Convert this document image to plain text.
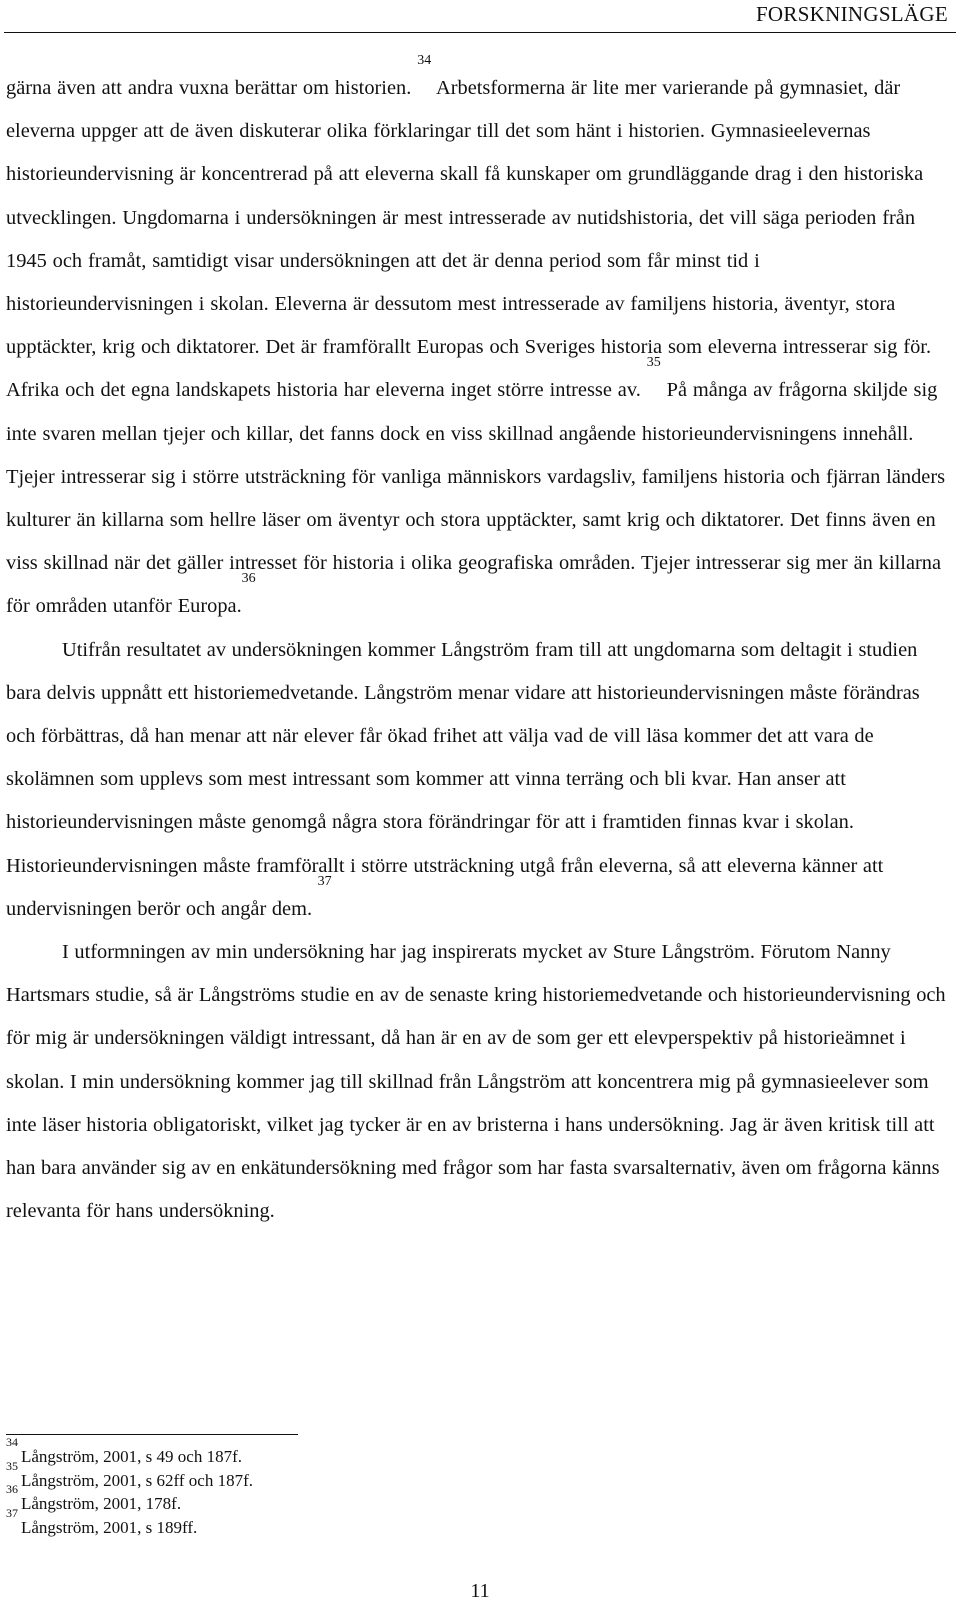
FORSKNINGSLÄGE

gärna även att andra vuxna berättar om historien. $^{34}$ Arbetsformerna är lite mer varierande på gymnasiet, där eleverna uppger att de även diskuterar olika förklaringar till det som hänt i historien. Gymnasieelevernas historieundervisning är koncentrerad på att eleverna skall få kunskaper om grundläggande drag i den historiska utvecklingen. Ungdomarna i undersökningen är mest intresserade av nutidshistoria, det vill säga perioden från 1945 och framåt, samtidigt visar undersökningen att det är denna period som får minst tid i historieundervisningen i skolan. Eleverna är dessutom mest intresserade av familjens historia, äventyr, stora upptäckter, krig och diktatorer. Det är framförallt Europas och Sveriges historia som eleverna intresserar sig för. Afrika och det egna landskapets historia har eleverna inget större intresse av. $^{35}$ På många av frågorna skiljde sig inte svaren mellan tjejer och killar, det fanns dock en viss skillnad angående historieundervisningens innehåll. Tjejer intresserar sig i större utsträckning för vanliga människors vardagsliv, familjens historia och fjärran länders kulturer än killarna som hellre läser om äventyr och stora upptäckter, samt krig och diktatorer. Det finns även en viss skillnad när det gäller intresset för historia i olika geografiska områden. Tjejer intresserar sig mer än killarna för områden utanför Europa.$^{36}$

Utifrån resultatet av undersökningen kommer Långström fram till att ungdomarna som deltagit i studien bara delvis uppnått ett historiemedvetande. Långström menar vidare att historieundervisningen måste förändras och förbättras, då han menar att när elever får ökad frihet att välja vad de vill läsa kommer det att vara de skolämnen som upplevs som mest intressant som kommer att vinna terräng och bli kvar. Han anser att historieundervisningen måste genomgå några stora förändringar för att i framtiden finnas kvar i skolan. Historieundervisningen måste framförallt i större utsträckning utgå från eleverna, så att eleverna känner att undervisningen berör och angår dem. $^{37}$

I utformningen av min undersökning har jag inspirerats mycket av Sture Långström. Förutom Nanny Hartsmars studie, så är Långströms studie en av de senaste kring historiemedvetande och historieundervisning och för mig är undersökningen väldigt intressant, då han är en av de som ger ett elevperspektiv på historieämnet i skolan. I min undersökning kommer jag till skillnad från Långström att koncentrera mig på gymnasieelever som inte läser historia obligatoriskt, vilket jag tycker är en av bristerna i hans undersökning. Jag är även kritisk till att han bara använder sig av en enkätundersökning med frågor som har fasta svarsalternativ, även om frågorna känns relevanta för hans undersökning.

$^{34}$Långström, 2001, s 49 och 187f.
$^{35}$Långström, 2001, s 62ff och 187f.
$^{36}$Långström, 2001, 178f.
$^{37}$Långström, 2001, s 189ff.
11
